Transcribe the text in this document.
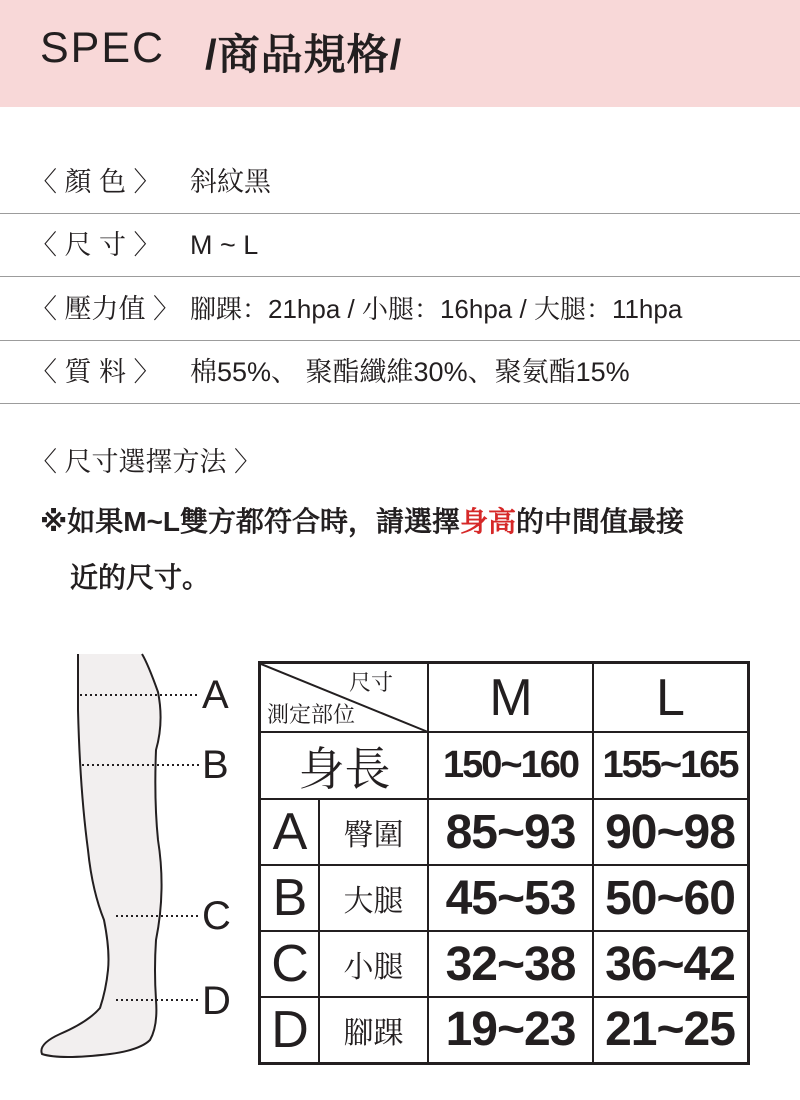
SPEC /商品規格/
〈 顏 色 〉 斜紋黑
〈 尺 寸 〉 M ~ L
〈 壓力值 〉 腳踝：21hpa / 小腿：16hpa / 大腿：11hpa
〈 質 料 〉 棉55%、 聚酯纖維30%、聚氨酯15%
〈 尺寸選擇方法 〉
※如果M~L雙方都符合時，請選擇身高的中間值最接
近的尺寸。
A
B
C
D
尺寸
測定部位	M	L
身長	150~160 155~165
A	臀圍 85~93 90~98
B	大腿 45~53 50~60
C	小腿 32~38 36~42
D	腳踝 19~23 21~25
